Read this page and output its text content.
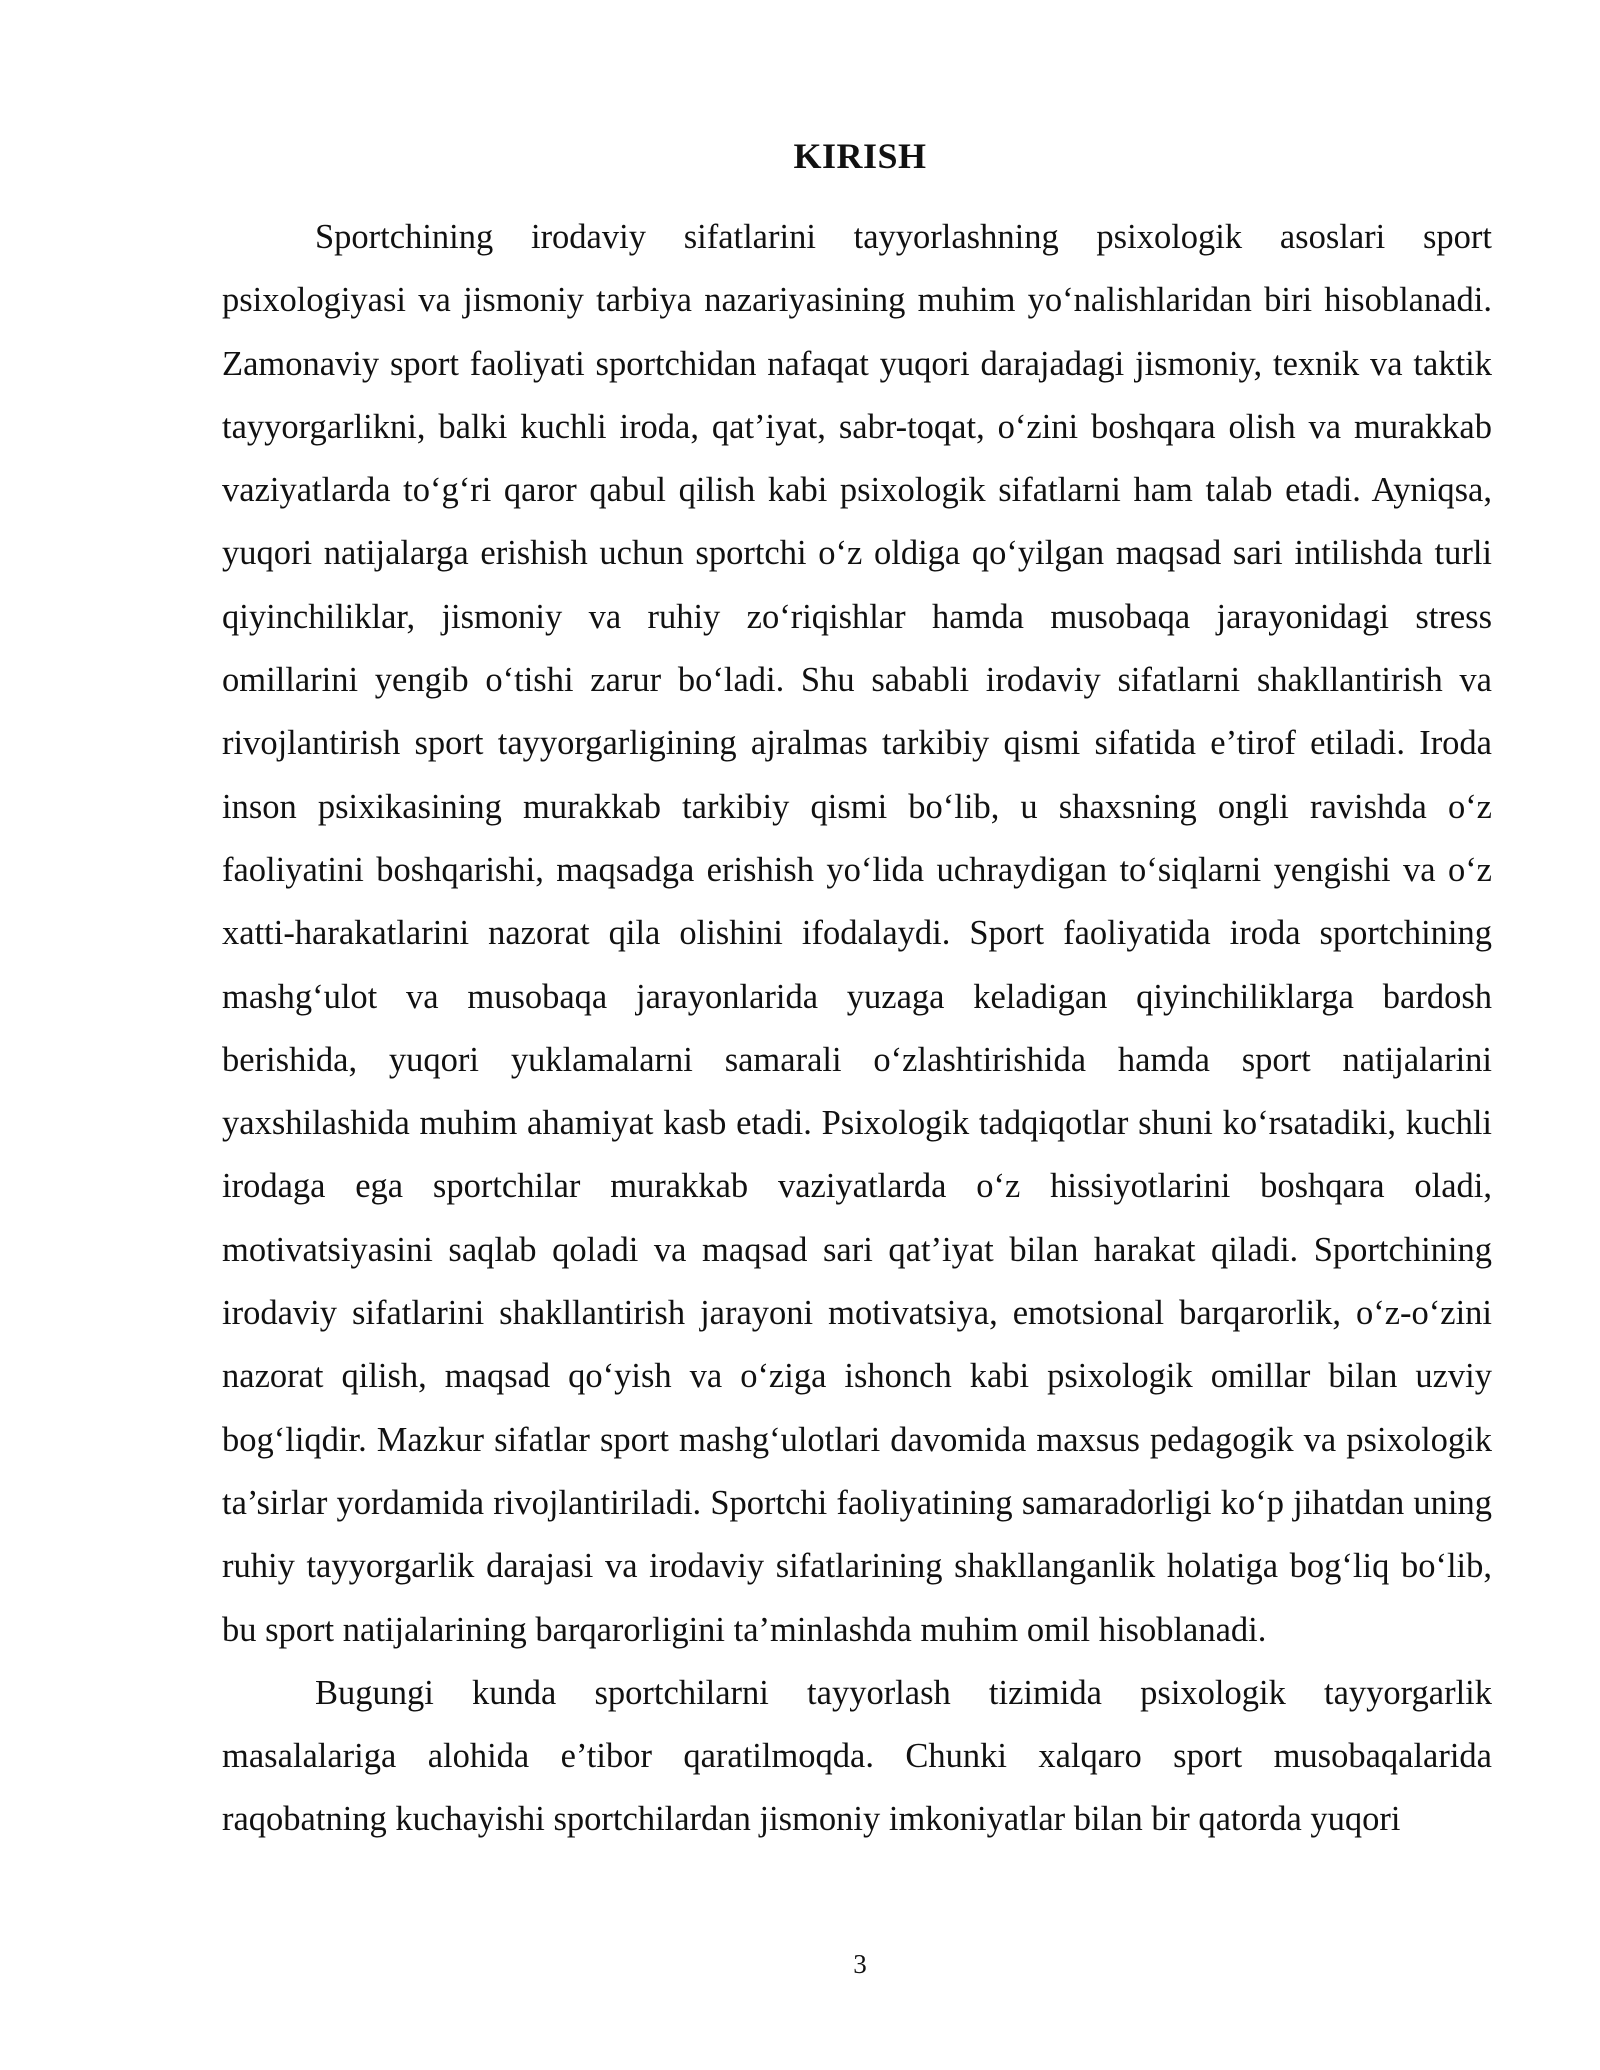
KIRISH

Sportchining irodaviy sifatlarini tayyorlashning psixologik asoslari sport psixologiyasi va jismoniy tarbiya nazariyasining muhim yo‘nalishlaridan biri hisoblanadi. Zamonaviy sport faoliyati sportchidan nafaqat yuqori darajadagi jismoniy, texnik va taktik tayyorgarlikni, balki kuchli iroda, qat’iyat, sabr-toqat, o‘zini boshqara olish va murakkab vaziyatlarda to‘g‘ri qaror qabul qilish kabi psixologik sifatlarni ham talab etadi. Ayniqsa, yuqori natijalarga erishish uchun sportchi o‘z oldiga qo‘yilgan maqsad sari intilishda turli qiyinchiliklar, jismoniy va ruhiy zo‘riqishlar hamda musobaqa jarayonidagi stress omillarini yengib o‘tishi zarur bo‘ladi. Shu sababli irodaviy sifatlarni shakllantirish va rivojlantirish sport tayyorgarligining ajralmas tarkibiy qismi sifatida e’tirof etiladi. Iroda inson psixikasining murakkab tarkibiy qismi bo‘lib, u shaxsning ongli ravishda o‘z faoliyatini boshqarishi, maqsadga erishish yo‘lida uchraydigan to‘siqlarni yengishi va o‘z xatti-harakatlarini nazorat qila olishini ifodalaydi. Sport faoliyatida iroda sportchining mashg‘ulot va musobaqa jarayonlarida yuzaga keladigan qiyinchiliklarga bardosh berishida, yuqori yuklamalarni samarali o‘zlashtirishida hamda sport natijalarini yaxshilashida muhim ahamiyat kasb etadi. Psixologik tadqiqotlar shuni ko‘rsatadiki, kuchli irodaga ega sportchilar murakkab vaziyatlarda o‘z hissiyotlarini boshqara oladi, motivatsiyasini saqlab qoladi va maqsad sari qat’iyat bilan harakat qiladi. Sportchining irodaviy sifatlarini shakllantirish jarayoni motivatsiya, emotsional barqarorlik, o‘z-o‘zini nazorat qilish, maqsad qo‘yish va o‘ziga ishonch kabi psixologik omillar bilan uzviy bog‘liqdir. Mazkur sifatlar sport mashg‘ulotlari davomida maxsus pedagogik va psixologik ta’sirlar yordamida rivojlantiriladi. Sportchi faoliyatining samaradorligi ko‘p jihatdan uning ruhiy tayyorgarlik darajasi va irodaviy sifatlarining shakllanganlik holatiga bog‘liq bo‘lib, bu sport natijalarining barqarorligini ta’minlashda muhim omil hisoblanadi.

Bugungi kunda sportchilarni tayyorlash tizimida psixologik tayyorgarlik masalalariga alohida e’tibor qaratilmoqda. Chunki xalqaro sport musobaqalarida raqobatning kuchayishi sportchilardan jismoniy imkoniyatlar bilan bir qatorda yuqori

3
